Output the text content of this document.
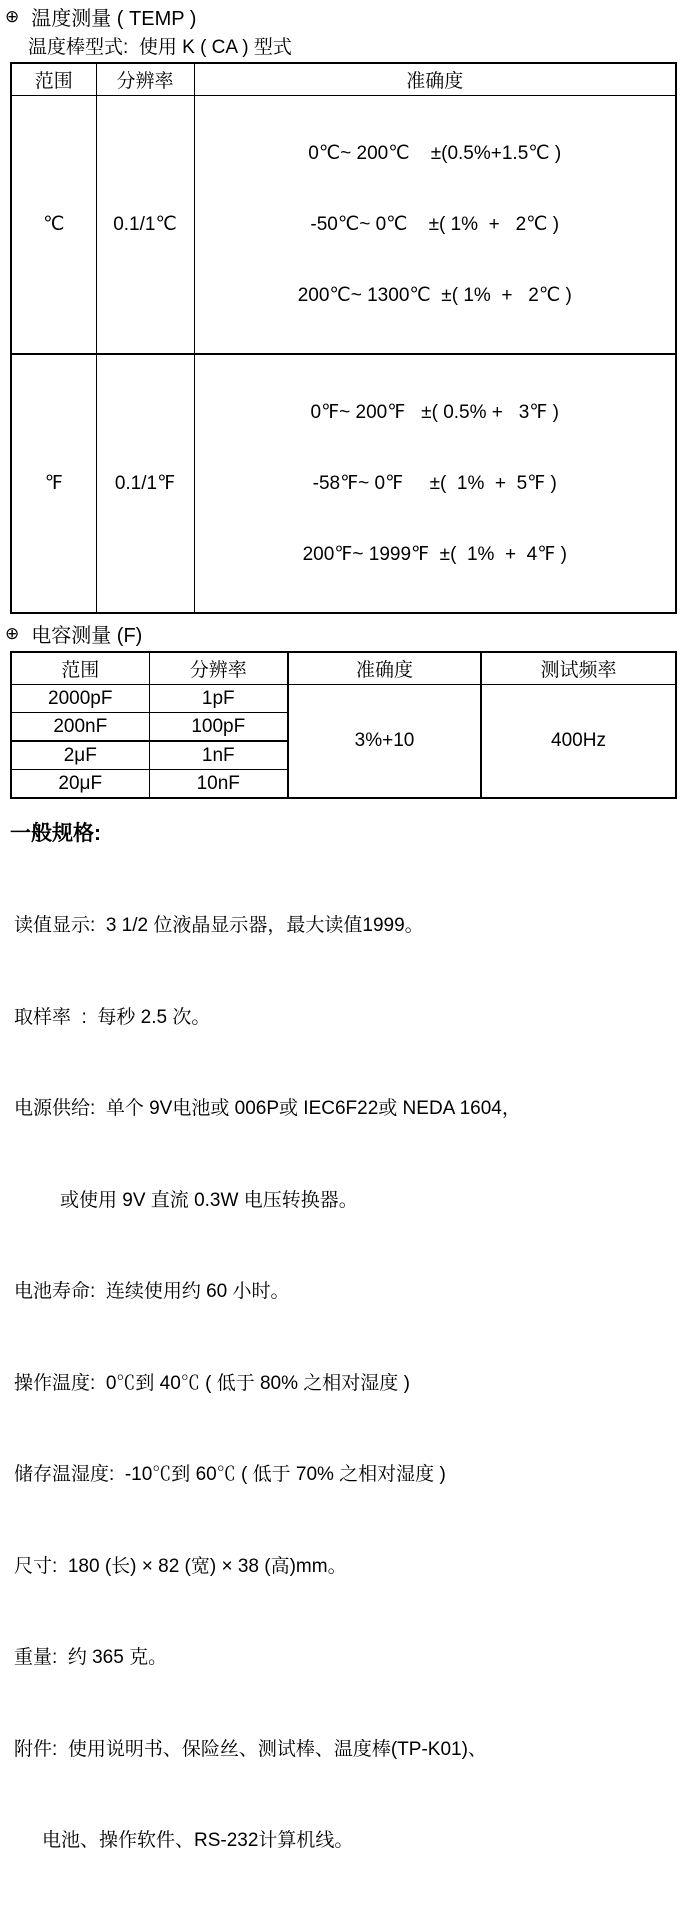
⊕ 温度测量 ( TEMP )
温度棒型式:  使用 K ( CA ) 型式
范围	分辨率	准确度
℃	0.1/1℃	0℃~ 200℃    ±(0.5%+1.5℃ )

-50℃~ 0℃    ±( 1%  +   2℃ )

200℃~ 1300℃  ±( 1%  +   2℃ )

℉	0.1/1℉	0℉~ 200℉   ±( 0.5% +   3℉ )

-58℉~ 0℉     ±(  1%  +  5℉ )

200℉~ 1999℉  ±(  1%  +  4℉ )

⊕ 电容测量 (F)
范围	分辨率	准确度	测试频率
2000pF	1pF	3%+10	400Hz
200nF	100pF		
2μF	1nF		
20μF	10nF		
一般规格:

读值显示:  3 1/2 位液晶显示器，最大读值1999。

取样率  :  每秒 2.5 次。

电源供给:  单个 9V电池或 006P或 IEC6F22或 NEDA 1604，

或使用 9V 直流 0.3W 电压转换器。

电池寿命:  连续使用约 60 小时。

操作温度:  0℃到 40℃ ( 低于 80% 之相对湿度 )

储存温湿度:  -10℃到 60℃ ( 低于 70% 之相对湿度 )

尺寸:  180 (长) × 82 (宽) × 38 (高)mm。

重量:  约 365 克。

附件:  使用说明书、保险丝、测试棒、温度棒(TP-K01)、

电池、操作软件、RS-232计算机线。
